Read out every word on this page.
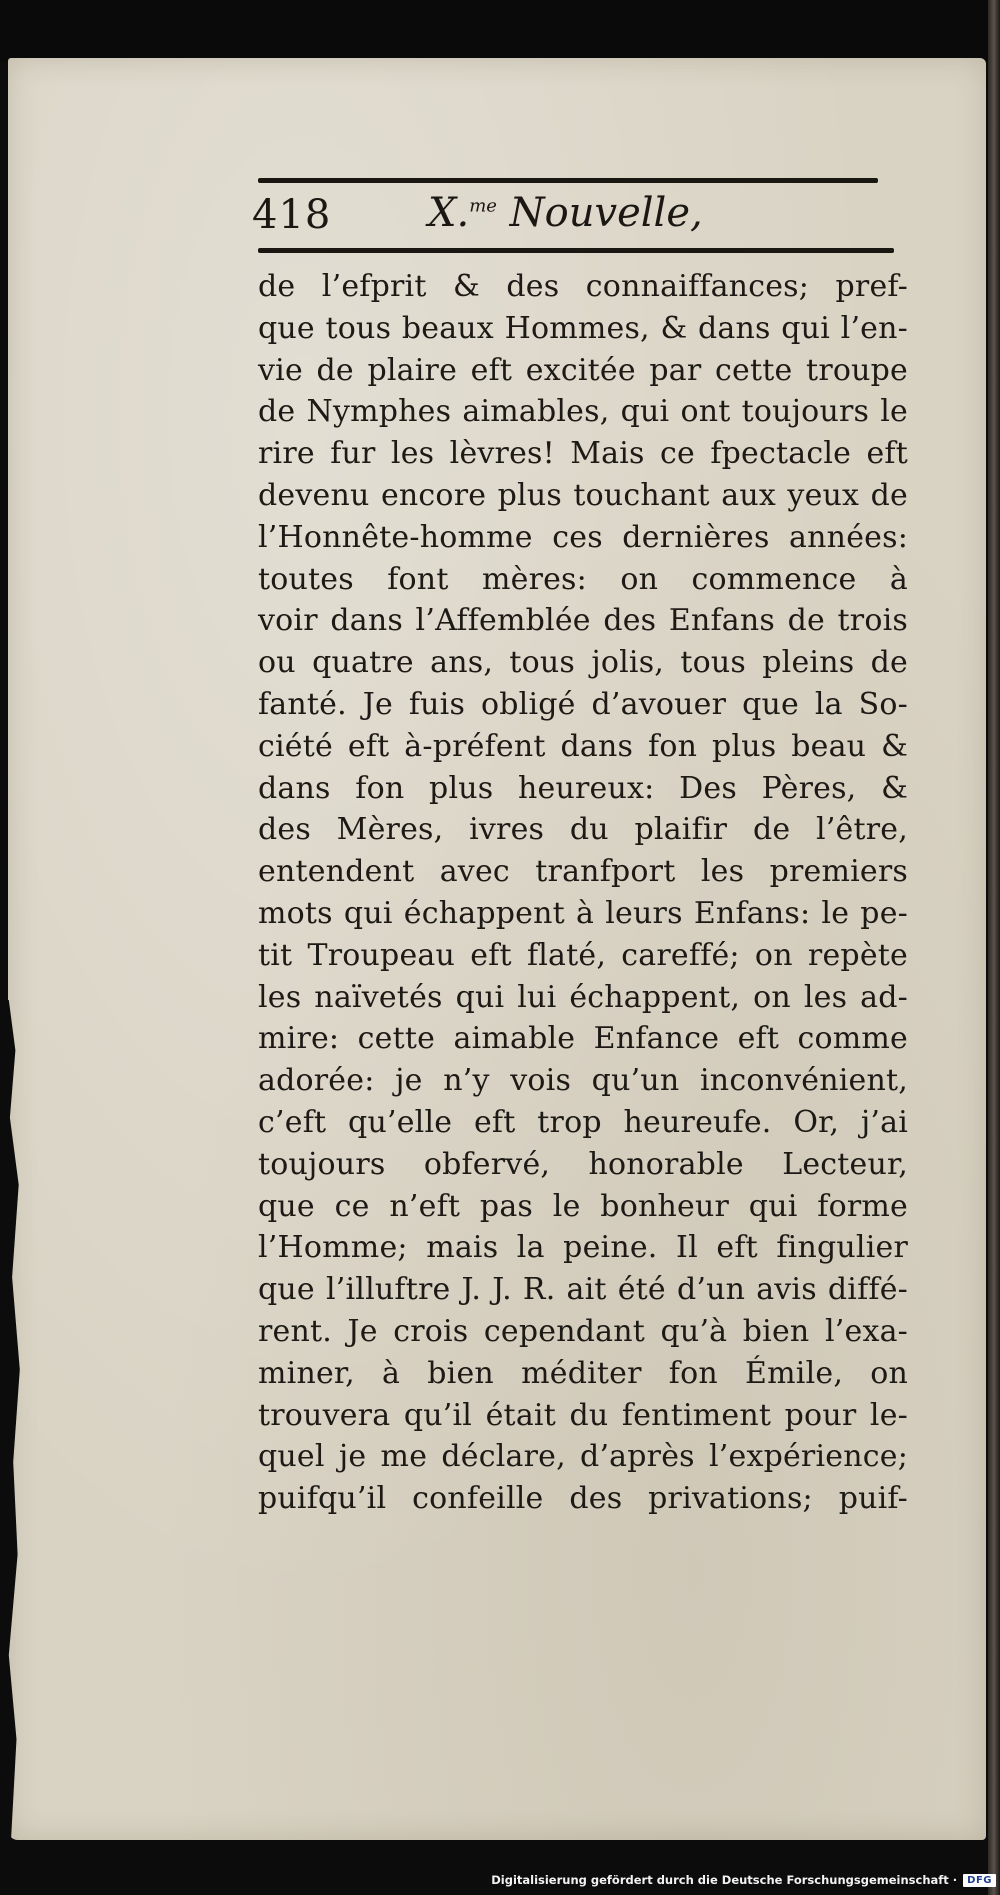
418 X.$^{me}$ Nouvelle,
de l’efprit & des connaiffances; pref-
que tous beaux Hommes, & dans qui l’en-
vie de plaire eft excitée par cette troupe
de Nymphes aimables, qui ont toujours le
rire fur les lèvres! Mais ce fpectacle eft
devenu encore plus touchant aux yeux de
l’Honnête-homme ces dernières années:
toutes font mères: on commence à
voir dans l’Affemblée des Enfans de trois
ou quatre ans, tous jolis, tous pleins de
fanté. Je fuis obligé d’avouer que la So-
ciété eft à-préfent dans fon plus beau &
dans fon plus heureux: Des Pères, &
des Mères, ivres du plaifir de l’être,
entendent avec tranfport les premiers
mots qui échappent à leurs Enfans: le pe-
tit Troupeau eft flaté, careffé; on repète
les naïvetés qui lui échappent, on les ad-
mire: cette aimable Enfance eft comme
adorée: je n’y vois qu’un inconvénient,
c’eft qu’elle eft trop heureufe. Or, j’ai
toujours obfervé, honorable Lecteur,
que ce n’eft pas le bonheur qui forme
l’Homme; mais la peine. Il eft fingulier
que l’illuftre J. J. R. ait été d’un avis diffé-
rent. Je crois cependant qu’à bien l’exa-
miner, à bien méditer fon Émile, on
trouvera qu’il était du fentiment pour le-
quel je me déclare, d’après l’expérience;
puifqu’il confeille des privations; puif-
Digitalisierung gefördert durch die Deutsche Forschungsgemeinschaft ·	DFG
